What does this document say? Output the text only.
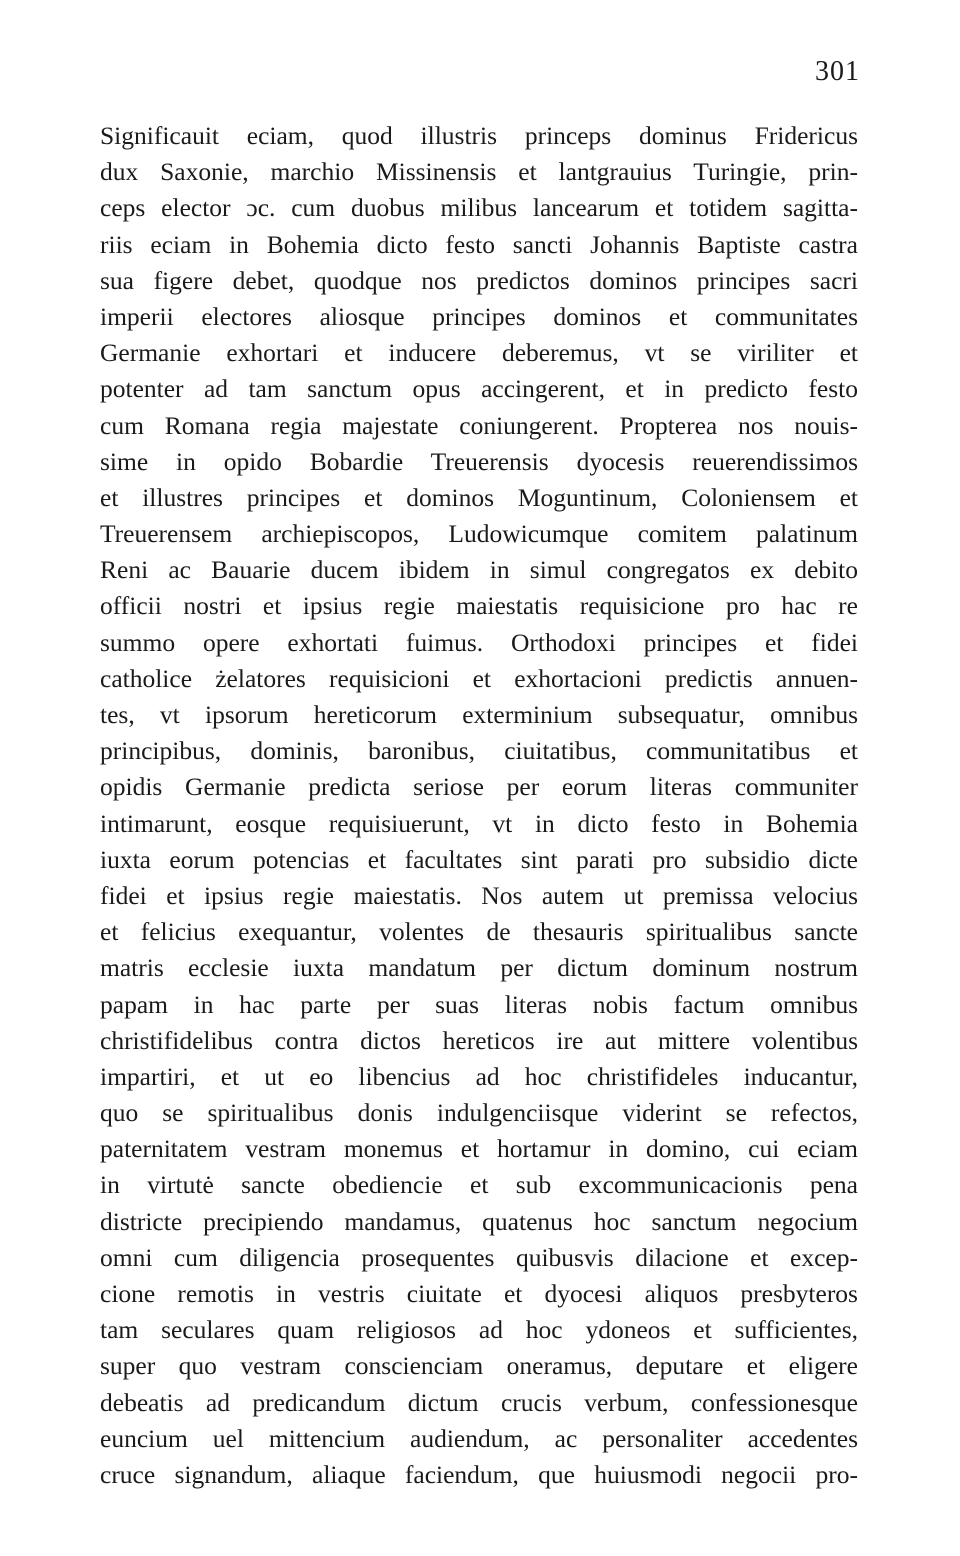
301
Significauit eciam, quod illustris princeps dominus Fridericus
dux Saxonie, marchio Missinensis et lantgrauius Turingie, prin-
ceps elector ɔc. cum duobus milibus lancearum et totidem sagitta-
riis eciam in Bohemia dicto festo sancti Johannis Baptiste castra
sua figere debet, quodque nos predictos dominos principes sacri
imperii electores aliosque principes dominos et communitates
Germanie exhortari et inducere deberemus, vt se viriliter et
potenter ad tam sanctum opus accingerent, et in predicto festo
cum Romana regia majestate coniungerent. Propterea nos nouis-
sime in opido Bobardie Treuerensis dyocesis reuerendissimos
et illustres principes et dominos Moguntinum, Coloniensem et
Treuerensem archiepiscopos, Ludowicumque comitem palatinum
Reni ac Bauarie ducem ibidem in simul congregatos ex debito
officii nostri et ipsius regie maiestatis requisicione pro hac re
summo opere exhortati fuimus. Orthodoxi principes et fidei
catholice żelatores requisicioni et exhortacioni predictis annuen-
tes, vt ipsorum hereticorum exterminium subsequatur, omnibus
principibus, dominis, baronibus, ciuitatibus, communitatibus et
opidis Germanie predicta seriose per eorum literas communiter
intimarunt, eosque requisiuerunt, vt in dicto festo in Bohemia
iuxta eorum potencias et facultates sint parati pro subsidio dicte
fidei et ipsius regie maiestatis. Nos autem ut premissa velocius
et felicius exequantur, volentes de thesauris spiritualibus sancte
matris ecclesie iuxta mandatum per dictum dominum nostrum
papam in hac parte per suas literas nobis factum omnibus
christifidelibus contra dictos hereticos ire aut mittere volentibus
impartiri, et ut eo libencius ad hoc christifideles inducantur,
quo se spiritualibus donis indulgenciisque viderint se refectos,
paternitatem vestram monemus et hortamur in domino, cui eciam
in virtutė sancte obediencie et sub excommunicacionis pena
districte precipiendo mandamus, quatenus hoc sanctum negocium
omni cum diligencia prosequentes quibusvis dilacione et excep-
cione remotis in vestris ciuitate et dyocesi aliquos presbyteros
tam seculares quam religiosos ad hoc ydoneos et sufficientes,
super quo vestram conscienciam oneramus, deputare et eligere
debeatis ad predicandum dictum crucis verbum, confessionesque
euncium uel mittencium audiendum, ac personaliter accedentes
cruce signandum, aliaque faciendum, que huiusmodi negocii pro-
